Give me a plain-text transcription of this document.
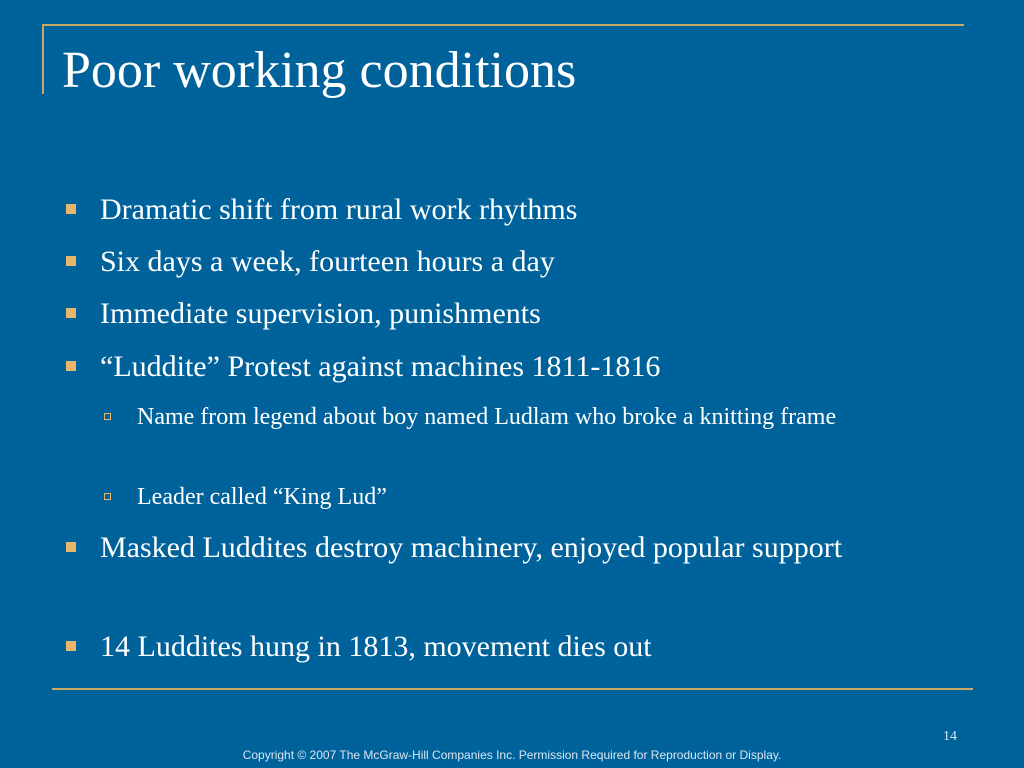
Poor working conditions
Dramatic shift from rural work rhythms
Six days a week, fourteen hours a day
Immediate supervision, punishments
“Luddite” Protest against machines 1811-1816
Name from legend about boy named Ludlam who broke a knitting frame
Leader called “King Lud”
Masked Luddites destroy machinery, enjoyed popular support
14 Luddites hung in 1813, movement dies out
14
Copyright © 2007 The McGraw-Hill Companies Inc. Permission Required for Reproduction or Display.
